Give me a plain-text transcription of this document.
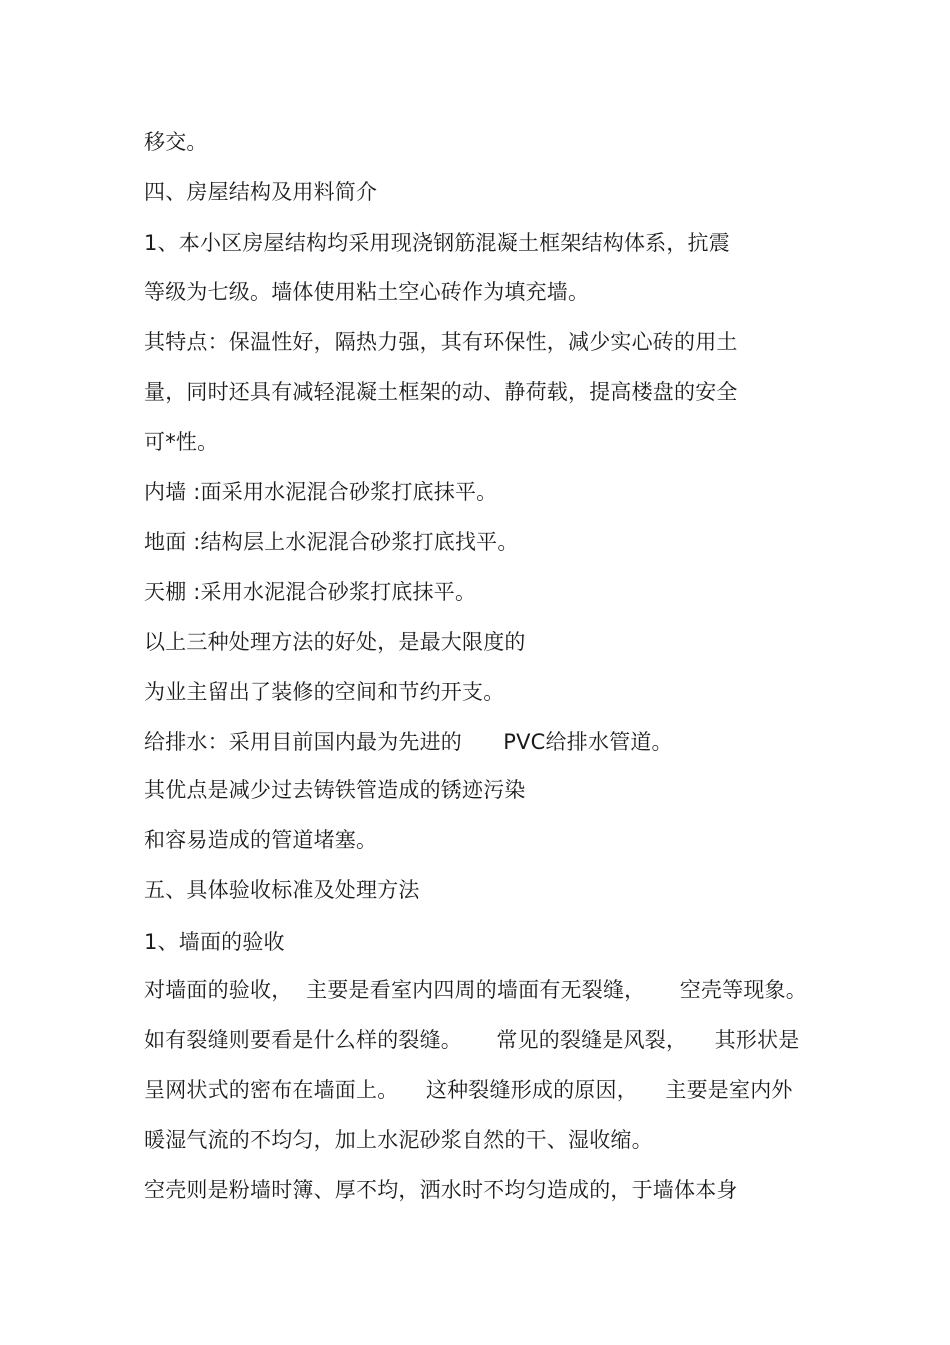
移交。
四、房屋结构及用料简介
1、本小区房屋结构均采用现浇钢筋混凝土框架结构体系，抗震
等级为七级。墙体使用粘土空心砖作为填充墙。
其特点：保温性好，隔热力强，其有环保性，减少实心砖的用土
量，同时还具有减轻混凝土框架的动、静荷载，提高楼盘的安全
可*性。
内墙 :面采用水泥混合砂浆打底抹平。
地面 :结构层上水泥混合砂浆打底找平。
天棚 :采用水泥混合砂浆打底抹平。
以上三种处理方法的好处，是最大限度的
为业主留出了装修的空间和节约开支。
给排水：采用目前国内最为先进的      PVC给排水管道。
其优点是减少过去铸铁管造成的锈迹污染
和容易造成的管道堵塞。
五、具体验收标准及处理方法
1、墙面的验收
对墙面的验收，  主要是看室内四周的墙面有无裂缝，     空壳等现象。
如有裂缝则要看是什么样的裂缝。     常见的裂缝是风裂，    其形状是
呈网状式的密布在墙面上。    这种裂缝形成的原因，    主要是室内外
暖湿气流的不均匀，加上水泥砂浆自然的干、湿收缩。
空壳则是粉墙时簿、厚不均，洒水时不均匀造成的，于墙体本身
